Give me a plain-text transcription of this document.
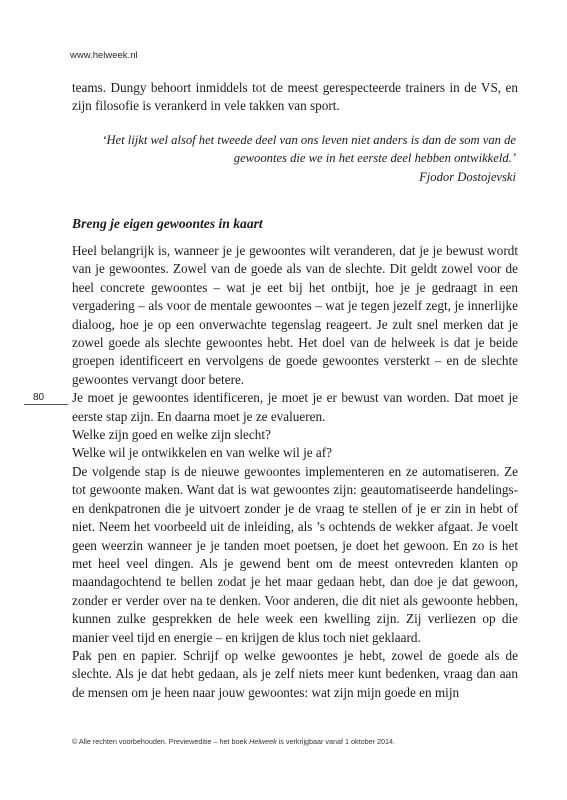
www.helweek.nl

teams. Dungy behoort inmiddels tot de meest gerespecteerde trainers in de VS, en zijn filosofie is verankerd in vele takken van sport.

‘Het lijkt wel alsof het tweede deel van ons leven niet anders is dan de som van de gewoontes die we in het eerste deel hebben ontwikkeld.’

Fjodor Dostojevski

Breng je eigen gewoontes in kaart

Heel belangrijk is, wanneer je je gewoontes wilt veranderen, dat je je bewust wordt van je gewoontes. Zowel van de goede als van de slechte. Dit geldt zowel voor de heel concrete gewoontes – wat je eet bij het ontbijt, hoe je je gedraagt in een vergadering – als voor de mentale gewoontes – wat je tegen jezelf zegt, je innerlijke dialoog, hoe je op een onverwachte tegenslag reageert. Je zult snel merken dat je zowel goede als slechte gewoontes hebt. Het doel van de helweek is dat je beide groepen identificeert en vervolgens de goede gewoontes versterkt – en de slechte gewoontes vervangt door betere.

Je moet je gewoontes identificeren, je moet je er bewust van worden. Dat moet je eerste stap zijn. En daarna moet je ze evalueren.

Welke zijn goed en welke zijn slecht?

Welke wil je ontwikkelen en van welke wil je af?

De volgende stap is de nieuwe gewoontes implementeren en ze automatiseren. Ze tot gewoonte maken. Want dat is wat gewoontes zijn: geautomatiseerde handelings- en denkpatronen die je uitvoert zonder je de vraag te stellen of je er zin in hebt of niet. Neem het voorbeeld uit de inleiding, als ’s ochtends de wekker afgaat. Je voelt geen weerzin wanneer je je tanden moet poetsen, je doet het gewoon. En zo is het met heel veel dingen. Als je gewend bent om de meest ontevreden klanten op maandagochtend te bellen zodat je het maar gedaan hebt, dan doe je dat gewoon, zonder er verder over na te denken. Voor anderen, die dit niet als gewoonte hebben, kunnen zulke gesprekken de hele week een kwelling zijn. Zij verliezen op die manier veel tijd en energie – en krijgen de klus toch niet geklaard.

Pak pen en papier. Schrijf op welke gewoontes je hebt, zowel de goede als de slechte. Als je dat hebt gedaan, als je zelf niets meer kunt bedenken, vraag dan aan de mensen om je heen naar jouw gewoontes: wat zijn mijn goede en mijn

80
© Alle rechten voorbehouden. Previeweditie – het boek Helweek is verkrijgbaar vanaf 1 oktober 2014.
